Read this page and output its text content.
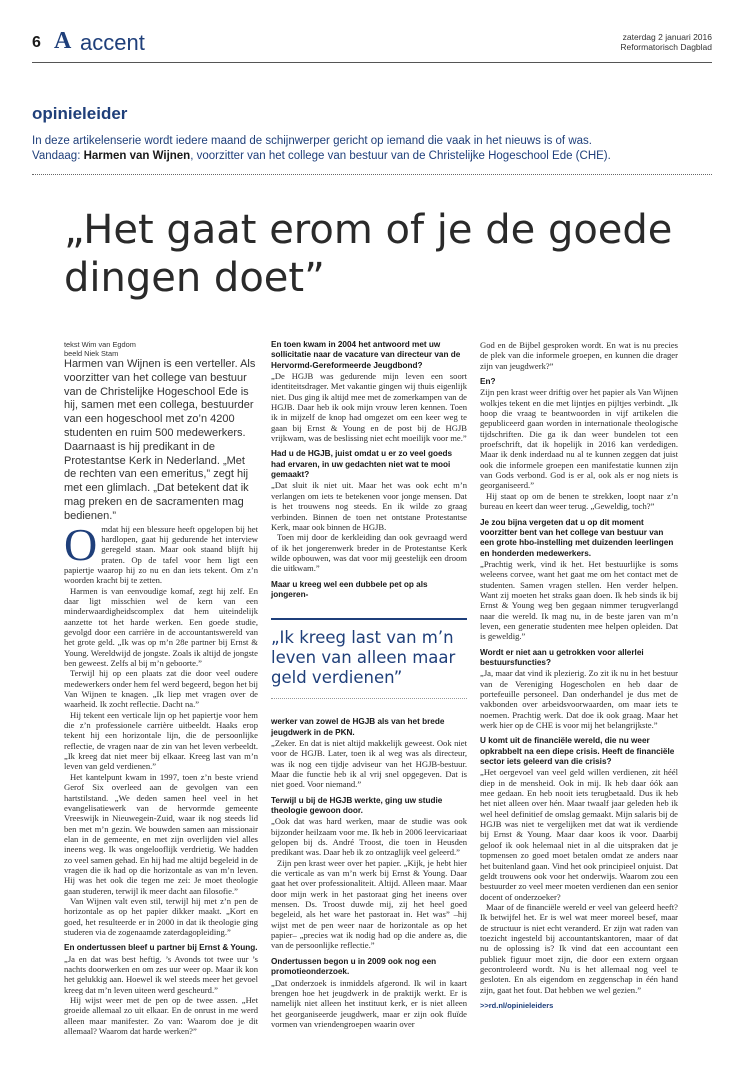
6 A accent	zaterdag 2 januari 2016
Reformatorisch Dagblad
opinieleider
In deze artikelenserie wordt iedere maand de schijnwerper gericht op iemand die vaak in het nieuws is of was.
Vandaag: Harmen van Wijnen, voorzitter van het college van bestuur van de Christelijke Hogeschool Ede (CHE).
„Het gaat erom of je de goede dingen doet”
tekst Wim van Egdom
beeld Niek Stam

Harmen van Wijnen is een verteller. Als voorzitter van het college van bestuur van de Christelijke Hogeschool Ede is hij, samen met een collega, bestuurder van een hogeschool met zo’n 4200 studenten en ruim 500 medewerkers. Daarnaast is hij predikant in de Protestantse Kerk in Nederland. „Met de rechten van een emeritus,” zegt hij met een glimlach. „Dat betekent dat ik mag preken en de sacramenten mag bedienen.”

Omdat hij een blessure heeft opgelopen bij het hardlopen, gaat hij gedurende het interview geregeld staan. Maar ook staand blijft hij praten. Op de tafel voor hem ligt een papiertje waarop hij zo nu en dan iets tekent. Om z’n woorden kracht bij te zetten.

Harmen is van eenvoudige komaf, zegt hij zelf. En daar ligt misschien wel de kern van een minderwaardigheidscomplex dat hem uiteindelijk aanzette tot het harde werken. Een goede studie, gevolgd door een carrière in de accountantswereld van het grote geld. „Ik was op m’n 28e partner bij Ernst & Young. Wereldwijd de jongste. Zoals ik altijd de jongste ben geweest. Zelfs al bij m’n geboorte.”

Terwijl hij op een plaats zat die door veel oudere medewerkers onder hem fel werd begeerd, begon het bij Van Wijnen te knagen. „Ik liep met vragen over de waarheid. Ik zocht reflectie. Dacht na.”

Hij tekent een verticale lijn op het papiertje voor hem die z’n professionele carrière uitbeeldt. Haaks erop tekent hij een horizontale lijn, die de persoonlijke reflectie, de vragen naar de zin van het leven verbeeldt. „Ik kreeg dat niet meer bij elkaar. Kreeg last van m’n leven van geld verdienen.”

Het kantelpunt kwam in 1997, toen z’n beste vriend Gerof Six overleed aan de gevolgen van een hartstilstand. „We deden samen heel veel in het evangelisatiewerk van de hervormde gemeente Vreeswijk in Nieuwegein-Zuid, waar ik nog steeds lid ben met m’n gezin. We bouwden samen aan missionair elan in de gemeente, en met zijn overlijden viel alles ineens weg. Ik was ongelooflijk verdrietig. We hadden zo veel samen gehad. En hij had me altijd begeleid in de vragen die ik had op die horizontale as van m’n leven. Hij was het ook die tegen me zei: Je moet theologie gaan studeren, terwijl ik meer dacht aan filosofie.”

Van Wijnen valt even stil, terwijl hij met z’n pen de horizontale as op het papier dikker maakt. „Kort en goed, het resulteerde er in 2000 in dat ik theologie ging studeren via de zogenaamde zaterdagopleiding.”

En ondertussen bleef u partner bij Ernst & Young.

„Ja en dat was best heftig. ’s Avonds tot twee uur ’s nachts doorwerken en om zes uur weer op. Maar ik kon het gelukkig aan. Hoewel ik wel steeds meer het gevoel kreeg dat m’n leven uiteen werd gescheurd.”

Hij wijst weer met de pen op de twee assen. „Het groeide allemaal zo uit elkaar. En de onrust in me werd alleen maar manifester. Zo van: Waarom doe je dit allemaal? Waarom dat harde werken?”

En toen kwam in 2004 het antwoord met uw sollicitatie naar de vacature van directeur van de Hervormd-Gereformeerde Jeugdbond?

„De HGJB was gedurende mijn leven een soort identiteitsdrager. Met vakantie gingen wij thuis eigenlijk niet. Dus ging ik altijd mee met de zomerkampen van de HGJB. Daar heb ik ook mijn vrouw leren kennen. Toen ik in mijzelf de knop had omgezet om een keer weg te gaan bij Ernst & Young en de post bij de HGJB vrijkwam, was de beslissing niet echt moeilijk voor me.”

Had u de HGJB, juist omdat u er zo veel goeds had ervaren, in uw gedachten niet wat te mooi gemaakt?

„Dat sluit ik niet uit. Maar het was ook echt m’n verlangen om iets te betekenen voor jonge mensen. Dat is het trouwens nog steeds. En ik wilde zo graag verbinden. Binnen de toen net ontstane Protestantse Kerk, maar ook binnen de HGJB.

Toen mij door de kerkleiding dan ook gevraagd werd of ik het jongerenwerk breder in de Protestantse Kerk wilde opbouwen, was dat voor mij geestelijk een droom die uitkwam.”

Maar u kreeg wel een dubbele pet op als jongeren-

„Ik kreeg last van m’n leven van alleen maar geld verdienen”

werker van zowel de HGJB als van het brede jeugdwerk in de PKN.

„Zeker. En dat is niet altijd makkelijk geweest. Ook niet voor de HGJB. Later, toen ik al weg was als directeur, was ik nog een tijdje adviseur van het HGJB-bestuur. Maar die functie heb ik al vrij snel opgegeven. Dat is niet goed. Voor niemand.”

Terwijl u bij de HGJB werkte, ging uw studie theologie gewoon door.

„Ook dat was hard werken, maar de studie was ook bijzonder heilzaam voor me. Ik heb in 2006 leervicariaat gelopen bij ds. André Troost, die toen in Heusden predikant was. Daar heb ik zo ontzaglijk veel geleerd.”

Zijn pen krast weer over het papier. „Kijk, je hebt hier die verticale as van m’n werk bij Ernst & Young. Daar gaat het over professionaliteit. Altijd. Alleen maar. Maar door mijn werk in het pastoraat ging het ineens over mensen. Ds. Troost duwde mij, zij het heel goed begeleid, als het ware het pastoraat in. Het was” –hij wijst met de pen weer naar de horizontale as op het papier– „precies wat ik nodig had op die andere as, die van de persoonlijke reflectie.”

Ondertussen begon u in 2009 ook nog een promotieonderzoek.

„Dat onderzoek is inmiddels afgerond. Ik wil in kaart brengen hoe het jeugdwerk in de praktijk werkt. Er is namelijk niet alleen het instituut kerk, er is niet alleen het georganiseerde jeugdwerk, maar er zijn ook fluïde vormen van vriendengroepen waarin over

God en de Bijbel gesproken wordt. En wat is nu precies de plek van die informele groepen, en kunnen die drager zijn van jeugdwerk?”

En?

Zijn pen krast weer driftig over het papier als Van Wijnen wolkjes tekent en die met lijntjes en pijltjes verbindt. „Ik hoop die vraag te beantwoorden in vijf artikelen die gepubliceerd gaan worden in internationale theologische tijdschriften. Die ga ik dan weer bundelen tot een proefschrift, dat ik hopelijk in 2016 kan verdedigen. Maar ik denk inderdaad nu al te kunnen zeggen dat juist ook die informele groepen een manifestatie kunnen zijn van Gods verbond. God is er al, ook als er nog niets is georganiseerd.”

Hij staat op om de benen te strekken, loopt naar z’n bureau en keert dan weer terug. „Geweldig, toch?”

Je zou bijna vergeten dat u op dit moment voorzitter bent van het college van bestuur van een grote hbo-instelling met duizenden leerlingen en honderden medewerkers.

„Prachtig werk, vind ik het. Het bestuurlijke is soms weleens corvee, want het gaat me om het contact met de studenten. Samen vragen stellen. Hen verder helpen. Want zij moeten het straks gaan doen. Ik heb sinds ik bij Ernst & Young weg ben gegaan nimmer terugverlangd naar die wereld. Ik mag nu, in de beste jaren van m’n leven, een generatie studenten mee helpen opleiden. Dat is geweldig.”

Wordt er niet aan u getrokken voor allerlei bestuursfuncties?

„Ja, maar dat vind ik plezierig. Zo zit ik nu in het bestuur van de Vereniging Hogescholen en heb daar de portefeuille personeel. Dan onderhandel je dus met de vakbonden over arbeidsvoorwaarden, om maar iets te noemen. Prachtig werk. Dat doe ik ook graag. Maar het werk hier op de CHE is voor mij het belangrijkste.”

U komt uit de financiële wereld, die nu weer opkrabbelt na een diepe crisis. Heeft de financiële sector iets geleerd van die crisis?

„Het oergevoel van veel geld willen verdienen, zit héél diep in de mensheid. Ook in mij. Ik heb daar óók aan mee gedaan. En heb nooit iets terugbetaald. Dus ik heb het niet alleen over hén. Maar twaalf jaar geleden heb ik wel heel definitief de omslag gemaakt. Mijn salaris bij de HGJB was niet te vergelijken met dat wat ik verdiende bij Ernst & Young. Maar daar koos ik voor. Daarbij geloof ik ook helemaal niet in al die uitspraken dat je topmensen zo goed moet betalen omdat ze anders naar het buitenland gaan. Vind het ook principieel onjuist. Dat geldt trouwens ook voor het onderwijs. Waarom zou een bestuurder zo veel meer moeten verdienen dan een senior docent of onderzoeker?

Maar of de financiële wereld er veel van geleerd heeft? Ik betwijfel het. Er is wel wat meer moreel besef, maar de structuur is niet echt veranderd. Er zijn wat raden van toezicht ingesteld bij accountantskantoren, maar of dat nu de oplossing is? Ik vind dat een accountant een publiek figuur moet zijn, die door een extern orgaan gecontroleerd wordt. Nu is het allemaal nog veel te gesloten. En als eigendom en zeggenschap in één hand zijn, gaat het fout. Dat hebben we wel gezien.”

>>rd.nl/opinieleiders
